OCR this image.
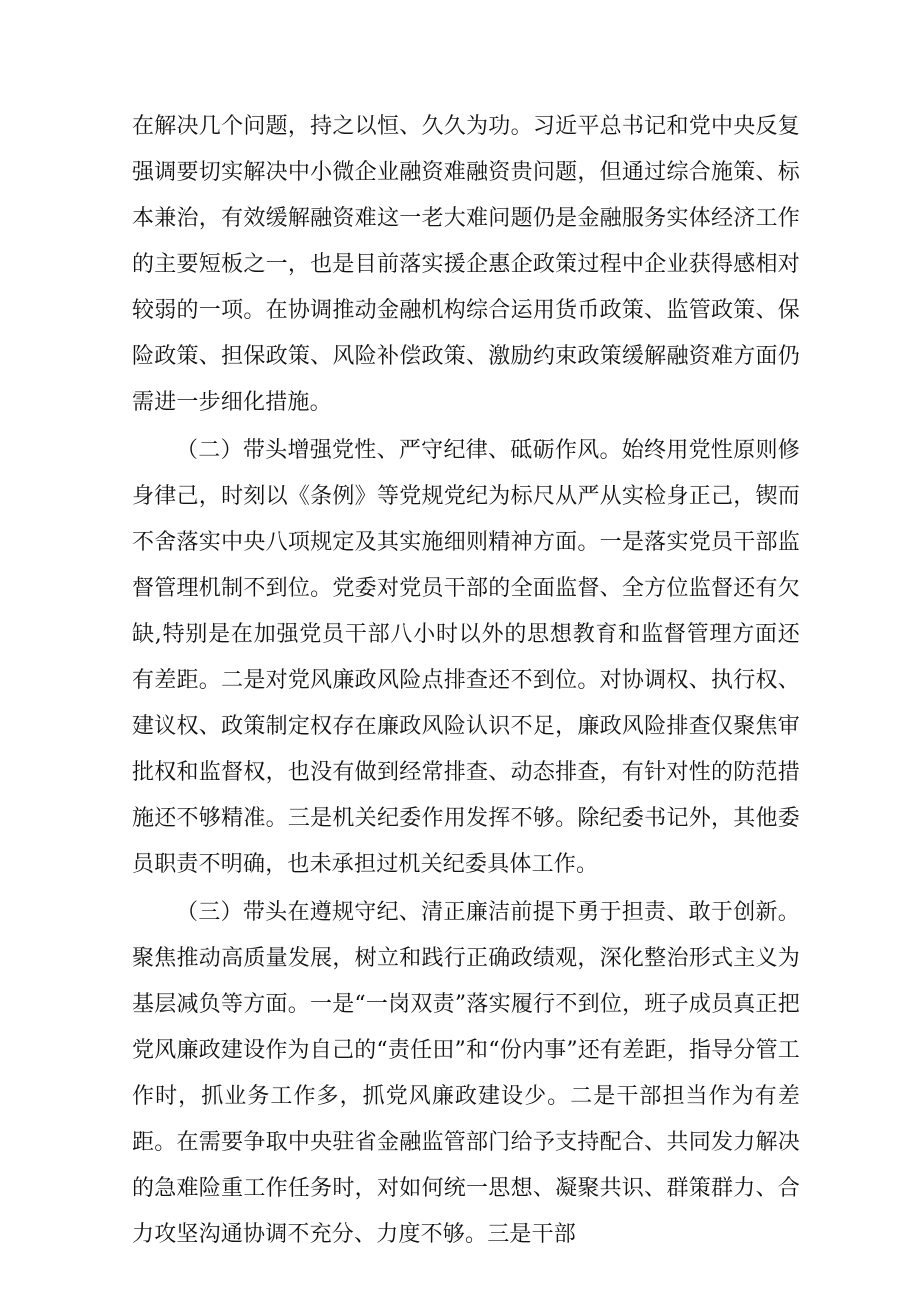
在解决几个问题，持之以恒、久久为功。习近平总书记和党中央反复强调要切实解决中小微企业融资难融资贵问题，但通过综合施策、标本兼治，有效缓解融资难这一老大难问题仍是金融服务实体经济工作的主要短板之一，也是目前落实援企惠企政策过程中企业获得感相对较弱的一项。在协调推动金融机构综合运用货币政策、监管政策、保险政策、担保政策、风险补偿政策、激励约束政策缓解融资难方面仍需进一步细化措施。

（二）带头增强党性、严守纪律、砥砺作风。始终用党性原则修身律己，时刻以《条例》等党规党纪为标尺从严从实检身正己，锲而不舍落实中央八项规定及其实施细则精神方面。一是落实党员干部监督管理机制不到位。党委对党员干部的全面监督、全方位监督还有欠缺,特别是在加强党员干部八小时以外的思想教育和监督管理方面还有差距。二是对党风廉政风险点排查还不到位。对协调权、执行权、建议权、政策制定权存在廉政风险认识不足，廉政风险排查仅聚焦审批权和监督权，也没有做到经常排查、动态排查，有针对性的防范措施还不够精准。三是机关纪委作用发挥不够。除纪委书记外，其他委员职责不明确，也未承担过机关纪委具体工作。

（三）带头在遵规守纪、清正廉洁前提下勇于担责、敢于创新。聚焦推动高质量发展，树立和践行正确政绩观，深化整治形式主义为基层减负等方面。一是“一岗双责”落实履行不到位，班子成员真正把党风廉政建设作为自己的“责任田”和“份内事”还有差距，指导分管工作时，抓业务工作多，抓党风廉政建设少。二是干部担当作为有差距。在需要争取中央驻省金融监管部门给予支持配合、共同发力解决的急难险重工作任务时，对如何统一思想、凝聚共识、群策群力、合力攻坚沟通协调不充分、力度不够。三是干部
